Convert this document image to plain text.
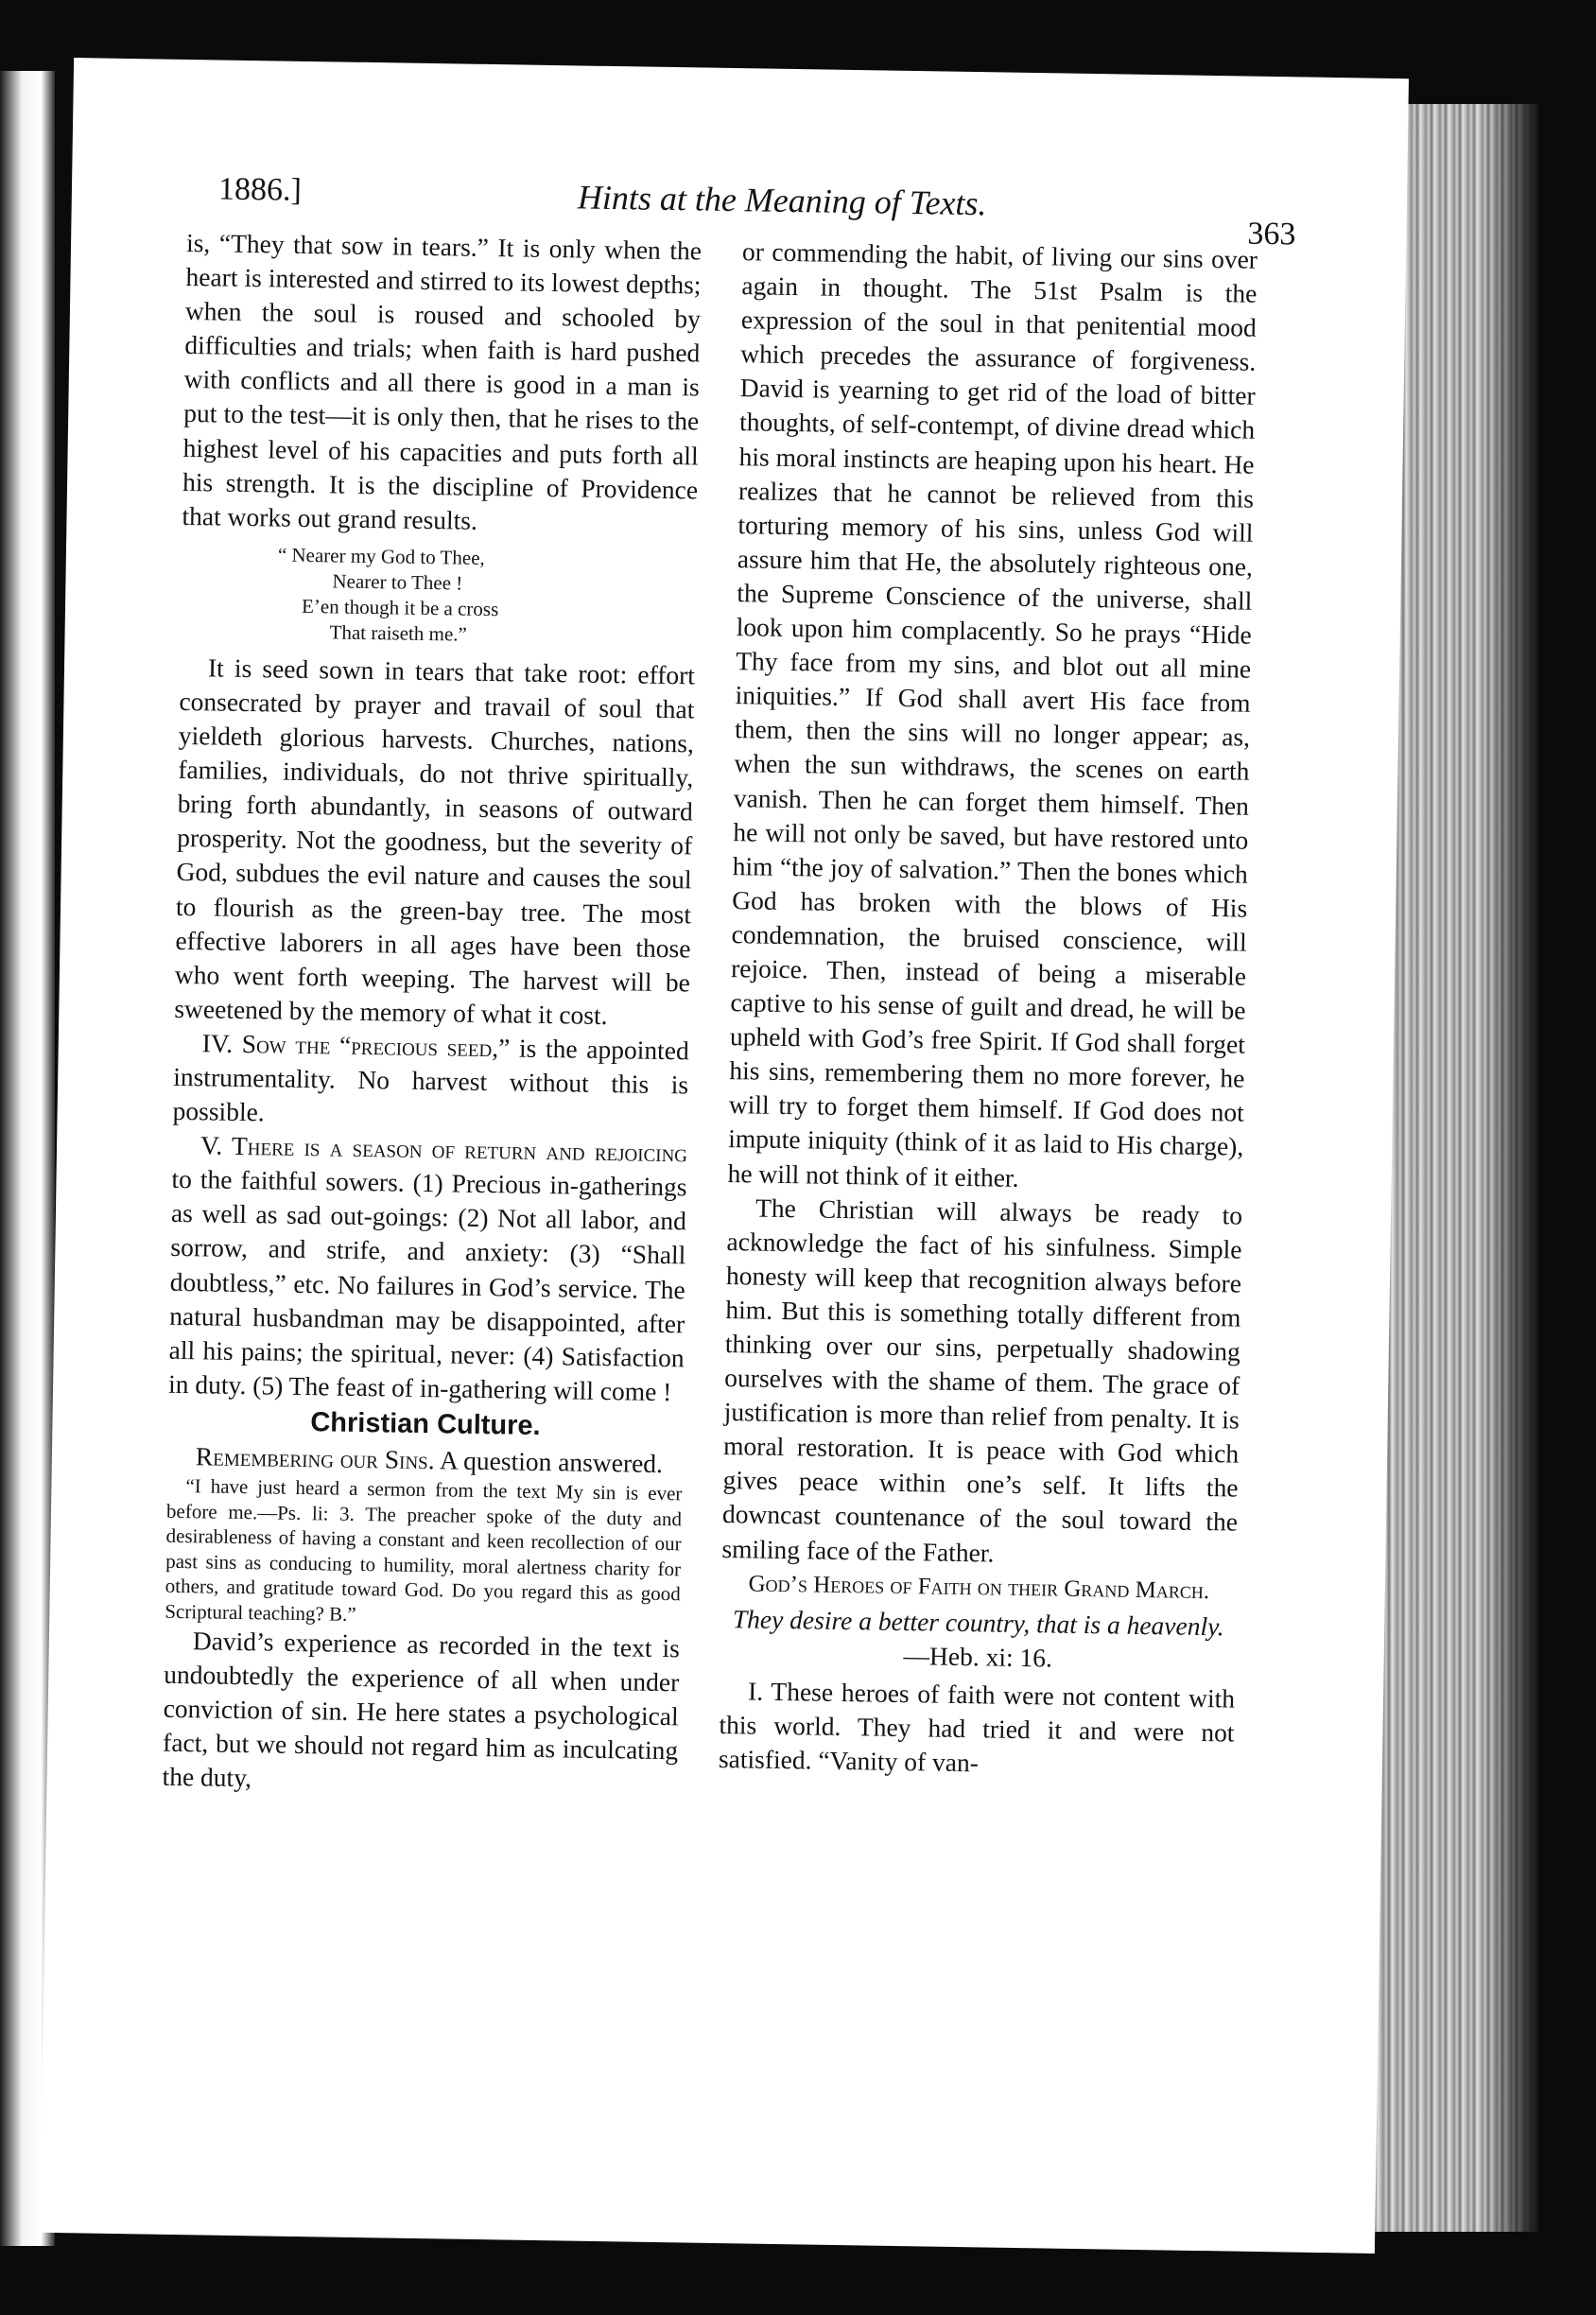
1886.]	Hints at the Meaning of Texts.
363

is, “They that sow in tears.” It is only when the heart is interested and stirred to its lowest depths; when the soul is roused and schooled by difficulties and trials; when faith is hard pushed with conflicts and all there is good in a man is put to the test—it is only then, that he rises to the highest level of his capacities and puts forth all his strength. It is the discipline of Providence that works out grand results.

“ Nearer my God to Thee,
Nearer to Thee !
E’en though it be a cross
That raiseth me.”

It is seed sown in tears that take root: effort consecrated by prayer and travail of soul that yieldeth glorious harvests. Churches, nations, families, individuals, do not thrive spiritually, bring forth abundantly, in seasons of outward prosperity. Not the goodness, but the severity of God, subdues the evil nature and causes the soul to flourish as the green-bay tree. The most effective laborers in all ages have been those who went forth weeping. The harvest will be sweetened by the memory of what it cost.

IV. Sow the “precious seed,” is the appointed instrumentality. No harvest without this is possible.

V. There is a season of return and rejoicing to the faithful sowers. (1) Precious in-gatherings as well as sad out-goings: (2) Not all labor, and sorrow, and strife, and anxiety: (3) “Shall doubtless,” etc. No failures in God’s service. The natural husbandman may be disappointed, after all his pains; the spiritual, never: (4) Satisfaction in duty. (5) The feast of in-gathering will come !

Christian Culture.

Remembering our Sins. A question answered.

“I have just heard a sermon from the text My sin is ever before me.—Ps. li: 3. The preacher spoke of the duty and desirableness of having a constant and keen recollection of our past sins as conducing to humility, moral alertness charity for others, and gratitude toward God. Do you regard this as good Scriptural teaching? B.”

David’s experience as recorded in the text is undoubtedly the experience of all when under conviction of sin. He here states a psychological fact, but we should not regard him as inculcating the duty,

or commending the habit, of living our sins over again in thought. The 51st Psalm is the expression of the soul in that penitential mood which precedes the assurance of forgiveness. David is yearning to get rid of the load of bitter thoughts, of self-contempt, of divine dread which his moral instincts are heaping upon his heart. He realizes that he cannot be relieved from this torturing memory of his sins, unless God will assure him that He, the absolutely righteous one, the Supreme Conscience of the universe, shall look upon him complacently. So he prays “Hide Thy face from my sins, and blot out all mine iniquities.” If God shall avert His face from them, then the sins will no longer appear; as, when the sun withdraws, the scenes on earth vanish. Then he can forget them himself. Then he will not only be saved, but have restored unto him “the joy of salvation.” Then the bones which God has broken with the blows of His condemnation, the bruised conscience, will rejoice. Then, instead of being a miserable captive to his sense of guilt and dread, he will be upheld with God’s free Spirit. If God shall forget his sins, remembering them no more forever, he will try to forget them himself. If God does not impute iniquity (think of it as laid to His charge), he will not think of it either.

The Christian will always be ready to acknowledge the fact of his sinfulness. Simple honesty will keep that recognition always before him. But this is something totally different from thinking over our sins, perpetually shadowing ourselves with the shame of them. The grace of justification is more than relief from penalty. It is moral restoration. It is peace with God which gives peace within one’s self. It lifts the downcast countenance of the soul toward the smiling face of the Father.

God’s Heroes of Faith on their Grand March.
They desire a better country, that is a heavenly.—Heb. xi: 16.

I. These heroes of faith were not content with this world. They had tried it and were not satisfied. “Vanity of van-
